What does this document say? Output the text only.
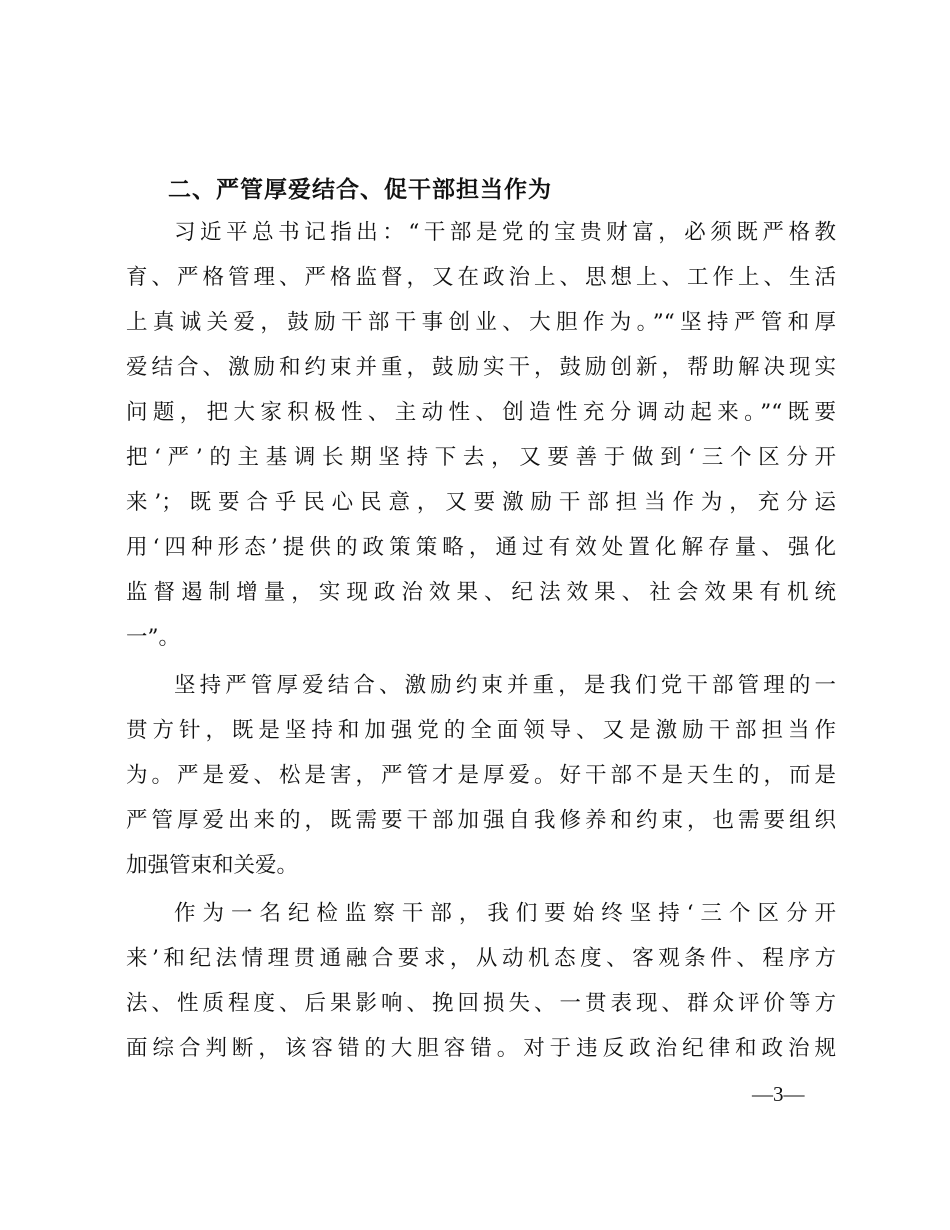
二、严管厚爱结合、促干部担当作为

习近平总书记指出：“干部是党的宝贵财富，必须既严格教
育、严格管理、严格监督，又在政治上、思想上、工作上、生活
上真诚关爱，鼓励干部干事创业、大胆作为。”“坚持严管和厚
爱结合、激励和约束并重，鼓励实干，鼓励创新，帮助解决现实
问题，把大家积极性、主动性、创造性充分调动起来。”“既要
把‘严’的主基调长期坚持下去，又要善于做到‘三个区分开
来’；既要合乎民心民意，又要激励干部担当作为，充分运
用‘四种形态’提供的政策策略，通过有效处置化解存量、强化
监督遏制增量，实现政治效果、纪法效果、社会效果有机统
一”。

坚持严管厚爱结合、激励约束并重，是我们党干部管理的一
贯方针，既是坚持和加强党的全面领导、又是激励干部担当作
为。严是爱、松是害，严管才是厚爱。好干部不是天生的，而是
严管厚爱出来的，既需要干部加强自我修养和约束，也需要组织
加强管束和关爱。

作为一名纪检监察干部，我们要始终坚持‘三个区分开
来’和纪法情理贯通融合要求，从动机态度、客观条件、程序方
法、性质程度、后果影响、挽回损失、一贯表现、群众评价等方
面综合判断，该容错的大胆容错。对于违反政治纪律和政治规

—3—
